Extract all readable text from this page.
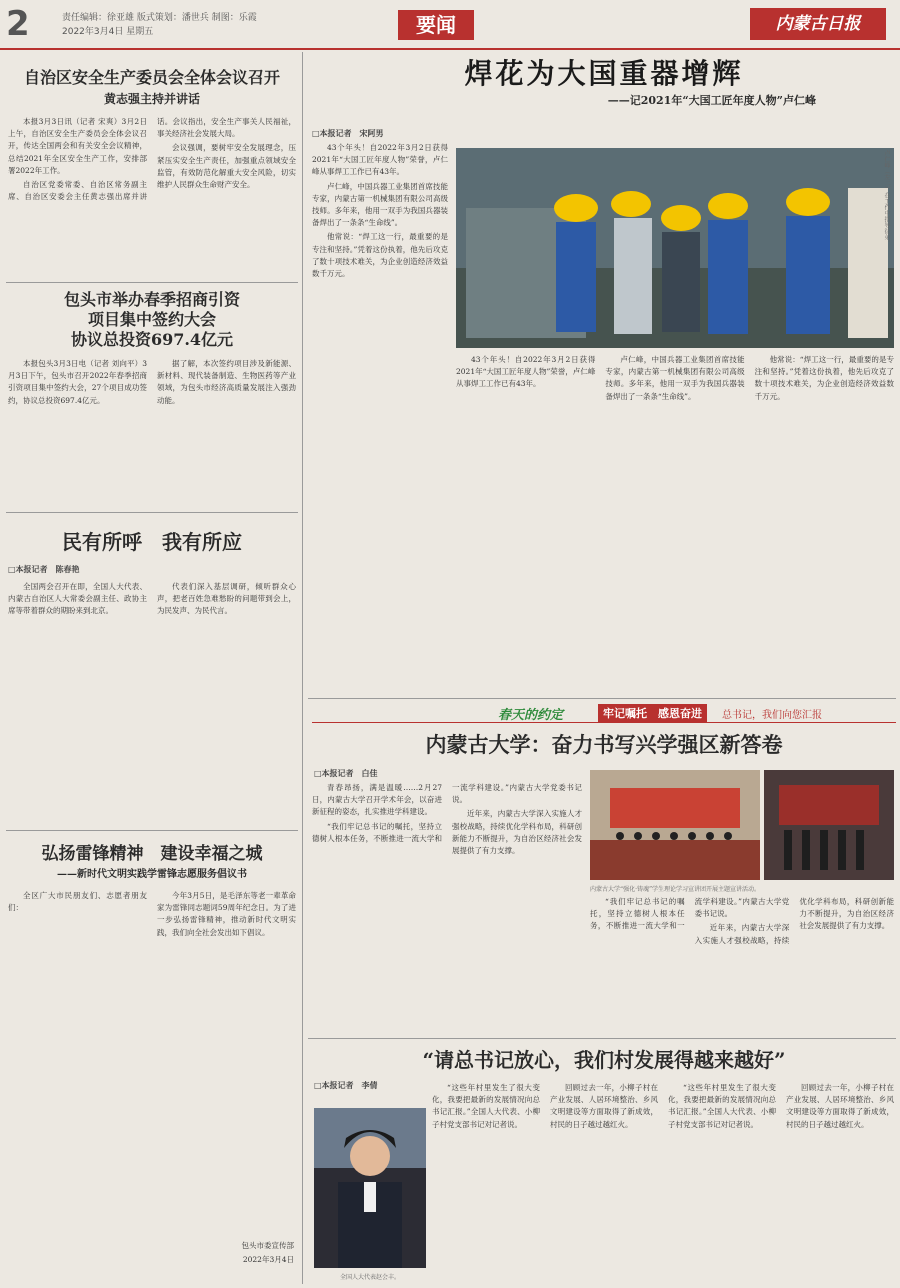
2	责任编辑：徐亚雄 版式策划：潘世兵 制图：乐霞
2022年3月4日 星期五	要闻	内蒙古日报
自治区安全生产委员会全体会议召开
黄志强主持并讲话

本报3月3日讯（记者 宋爽）3月2日上午，自治区安全生产委员会全体会议召开，传达全国两会和有关安全会议精神，总结2021年全区安全生产工作，安排部署2022年工作。

自治区党委常委、自治区常务副主席、自治区安委会主任黄志强出席并讲话。会议指出，安全生产事关人民福祉，事关经济社会发展大局。

会议强调，要树牢安全发展理念，压紧压实安全生产责任，加强重点领域安全监管，有效防范化解重大安全风险，切实维护人民群众生命财产安全。

包头市举办春季招商引资
项目集中签约大会
协议总投资697.4亿元

本报包头3月3日电（记者 刘向平）3月3日下午，包头市召开2022年春季招商引资项目集中签约大会，27个项目成功签约，协议总投资697.4亿元。

据了解，本次签约项目涉及新能源、新材料、现代装备制造、生物医药等产业领域，为包头市经济高质量发展注入强劲动能。

民有所呼　我有所应
□本报记者　陈春艳

全国两会召开在即，全国人大代表、内蒙古自治区人大常委会副主任、政协主席等带着群众的期盼来到北京。

代表们深入基层调研，倾听群众心声，把老百姓急难愁盼的问题带到会上，为民发声、为民代言。

弘扬雷锋精神　建设幸福之城
——新时代文明实践学雷锋志愿服务倡议书

全区广大市民朋友们、志愿者朋友们：

今年3月5日，是毛泽东等老一辈革命家为雷锋同志题词59周年纪念日。为了进一步弘扬雷锋精神，推动新时代文明实践，我们向全社会发出如下倡议。

包头市委宣传部
2022年3月4日
焊花为大国重器增辉
——记2021年“大国工匠年度人物”卢仁峰
□本报记者　宋阿男

43个年头！自2022年3月2日获得2021年“大国工匠年度人物”荣誉，卢仁峰从事焊工工作已有43年。

卢仁峰，中国兵器工业集团首席技能专家，内蒙古第一机械集团有限公司高级技师。多年来，他用一双手为我国兵器装备焊出了一条条“生命线”。

他常说：“焊工这一行，最重要的是专注和坚持。”凭着这份执着，他先后攻克了数十项技术难关，为企业创造经济效益数千万元。

卢仁峰（左二）在工作中指导徒弟。

43个年头！自2022年3月2日获得2021年“大国工匠年度人物”荣誉，卢仁峰从事焊工工作已有43年。

卢仁峰，中国兵器工业集团首席技能专家，内蒙古第一机械集团有限公司高级技师。多年来，他用一双手为我国兵器装备焊出了一条条“生命线”。

他常说：“焊工这一行，最重要的是专注和坚持。”凭着这份执着，他先后攻克了数十项技术难关，为企业创造经济效益数千万元。

春天的约定	牢记嘱托　感恩奋进	总书记，我们向您汇报
内蒙古大学：奋力书写兴学强区新答卷
□本报记者　白佳

青春昂扬，满是温暖……2月27日，内蒙古大学召开学术年会，以奋进新征程的姿态，扎实推进学科建设。

“我们牢记总书记的嘱托，坚持立德树人根本任务，不断推进一流大学和一流学科建设。”内蒙古大学党委书记说。

近年来，内蒙古大学深入实施人才强校战略，持续优化学科布局，科研创新能力不断提升，为自治区经济社会发展提供了有力支撑。

内蒙古大学“强化·铸魂”学生理论学习宣讲团开展主题宣讲活动。

“我们牢记总书记的嘱托，坚持立德树人根本任务，不断推进一流大学和一流学科建设。”内蒙古大学党委书记说。

近年来，内蒙古大学深入实施人才强校战略，持续优化学科布局，科研创新能力不断提升，为自治区经济社会发展提供了有力支撑。

“请总书记放心，我们村发展得越来越好”
□本报记者　李倩
全国人大代表赵会丰。

“这些年村里发生了很大变化，我要把最新的发展情况向总书记汇报。”全国人大代表、小柳子村党支部书记对记者说。

回顾过去一年，小柳子村在产业发展、人居环境整治、乡风文明建设等方面取得了新成效，村民的日子越过越红火。

“这些年村里发生了很大变化，我要把最新的发展情况向总书记汇报。”全国人大代表、小柳子村党支部书记对记者说。

回顾过去一年，小柳子村在产业发展、人居环境整治、乡风文明建设等方面取得了新成效，村民的日子越过越红火。
